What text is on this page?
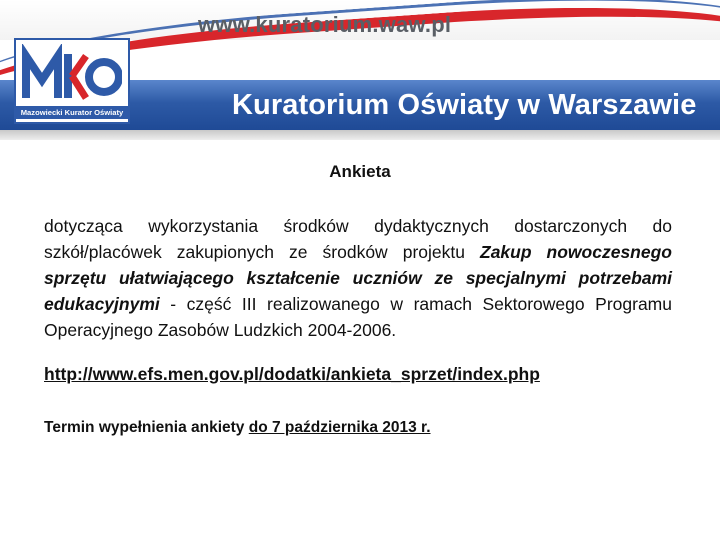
www.kuratorium.waw.pl
Kuratorium Oświaty w Warszawie
Mazowiecki Kurator Oświaty
Ankieta

dotycząca wykorzystania środków dydaktycznych dostarczonych do szkół/placówek zakupionych ze środków projektu Zakup nowoczesnego sprzętu ułatwiającego kształcenie uczniów ze specjalnymi potrzebami edukacyjnymi - część III realizowanego w ramach Sektorowego Programu Operacyjnego Zasobów Ludzkich 2004-2006.

http://www.efs.men.gov.pl/dodatki/ankieta_sprzet/index.php
Termin wypełnienia ankiety do 7 października 2013 r.
